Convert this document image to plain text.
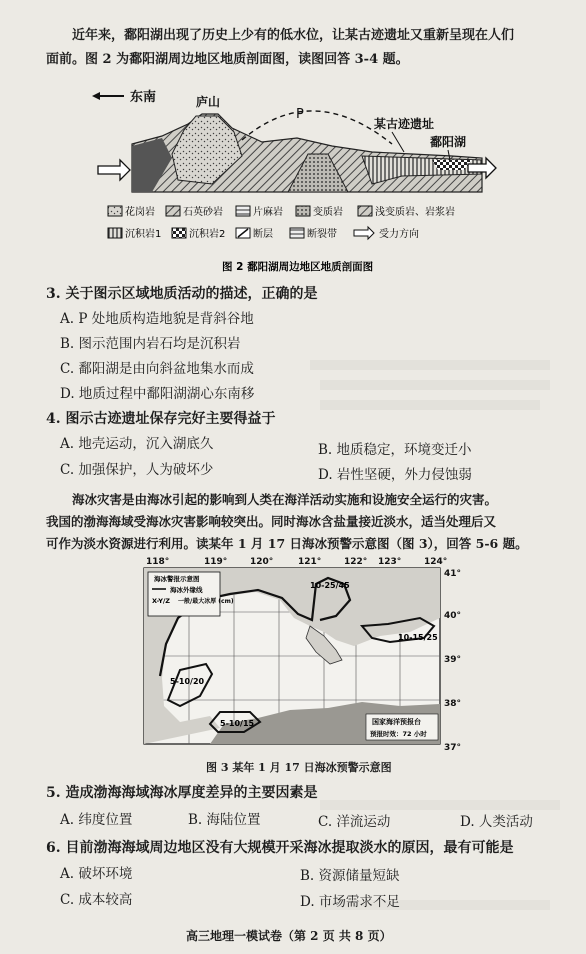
近年来，鄱阳湖出现了历史上少有的低水位，让某古迹遗址又重新呈现在人们
面前。图 2 为鄱阳湖周边地区地质剖面图，读图回答 3-4 题。
东南
P
庐山
某古迹遗址
鄱阳湖
花岗岩	石英砂岩	片麻岩	变质岩	浅变质岩、岩浆岩
沉积岩1	沉积岩2	断层	断裂带	受力方向
图 2 鄱阳湖周边地区地质剖面图
3. 关于图示区域地质活动的描述，正确的是
A. P 处地质构造地貌是背斜谷地
B. 图示范围内岩石均是沉积岩
C. 鄱阳湖是由向斜盆地集水而成
D. 地质过程中鄱阳湖湖心东南移
4. 图示古迹遗址保存完好主要得益于
A. 地壳运动，沉入湖底久	B. 地质稳定，环境变迁小
C. 加强保护，人为破坏少	D. 岩性坚硬，外力侵蚀弱
海冰灾害是由海冰引起的影响到人类在海洋活动实施和设施安全运行的灾害。
我国的渤海海域受海冰灾害影响较突出。同时海冰含盐量接近淡水，适当处理后又
可作为淡水资源进行利用。读某年 1 月 17 日海冰预警示意图（图 3），回答 5-6 题。
118°	119°	120°	121°	122° 123°	124°
海冰警报示意图
海冰外缘线
X-Y/Z 一般/最大冰厚 (cm)
10-25/45
10-15/25
5-10/20
5-10/15	国家海洋预报台
预报时效：72 小时
41°
40°
39°
38°
37°
图 3 某年 1 月 17 日海冰预警示意图
5. 造成渤海海域海冰厚度差异的主要因素是
A. 纬度位置	B. 海陆位置	C. 洋流运动	D. 人类活动
6. 目前渤海海域周边地区没有大规模开采海冰提取淡水的原因，最有可能是
A. 破坏环境	B. 资源储量短缺
C. 成本较高	D. 市场需求不足
高三地理一模试卷（第 2 页 共 8 页）
